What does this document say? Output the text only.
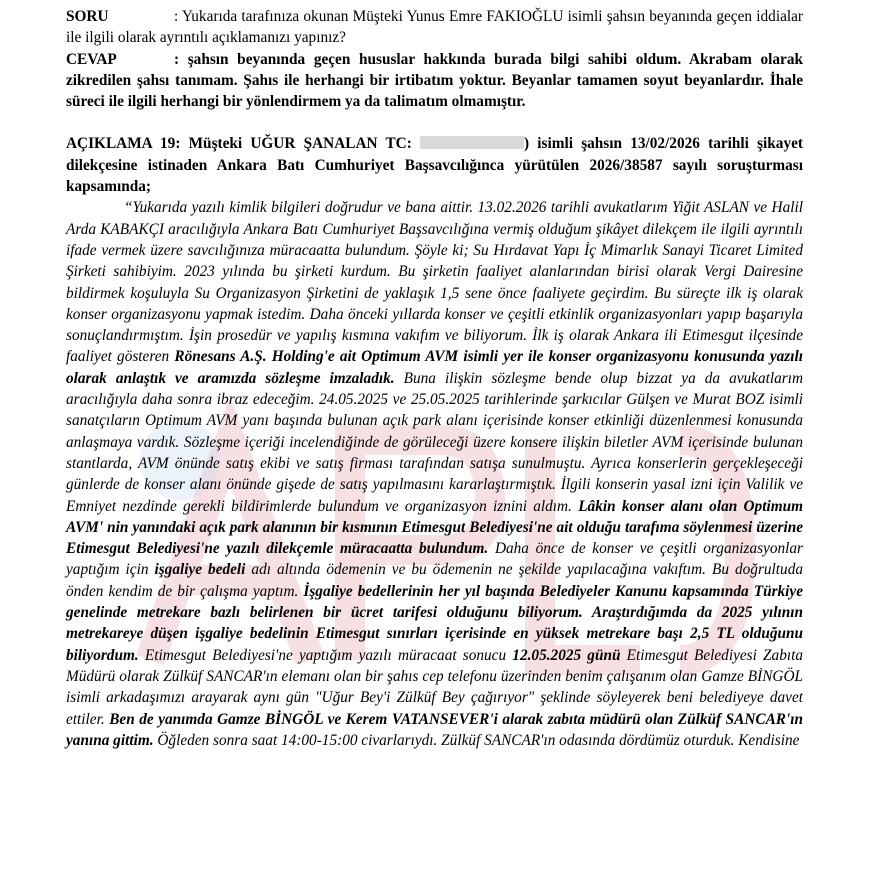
SORU	: Yukarıda tarafınıza okunan Müşteki Yunus Emre FAKIOĞLU isimli şahsın beyanında geçen iddialar ile ilgili olarak ayrıntılı açıklamanızı yapınız?

CEVAP	: şahsın beyanında geçen hususlar hakkında burada bilgi sahibi oldum. Akrabam olarak zikredilen şahsı tanımam. Şahıs ile herhangi bir irtibatım yoktur. Beyanlar tamamen soyut beyanlardır. İhale süreci ile ilgili herhangi bir yönlendirmem ya da talimatım olmamıştır.

AÇIKLAMA 19: Müşteki UĞUR ŞANALAN TC:	) isimli şahsın 13/02/2026 tarihli şikayet dilekçesine istinaden Ankara Batı Cumhuriyet Başsavcılığınca yürütülen 2026/38587 sayılı soruşturması kapsamında;

“Yukarıda yazılı kimlik bilgileri doğrudur ve bana aittir. 13.02.2026 tarihli avukatlarım Yiğit ASLAN ve Halil Arda KABAKÇI aracılığıyla Ankara Batı Cumhuriyet Başsavcılığına vermiş olduğum şikâyet dilekçem ile ilgili ayrıntılı ifade vermek üzere savcılığınıza müracaatta bulundum. Şöyle ki; Su Hırdavat Yapı İç Mimarlık Sanayi Ticaret Limited Şirketi sahibiyim. 2023 yılında bu şirketi kurdum. Bu şirketin faaliyet alanlarından birisi olarak Vergi Dairesine bildirmek koşuluyla Su Organizasyon Şirketini de yaklaşık 1,5 sene önce faaliyete geçirdim. Bu süreçte ilk iş olarak konser organizasyonu yapmak istedim. Daha önceki yıllarda konser ve çeşitli etkinlik organizasyonları yapıp başarıyla sonuçlandırmıştım. İşin prosedür ve yapılış kısmına vakıfım ve biliyorum. İlk iş olarak Ankara ili Etimesgut ilçesinde faaliyet gösteren Rönesans A.Ş. Holding'e ait Optimum AVM isimli yer ile konser organizasyonu konusunda yazılı olarak anlaştık ve aramızda sözleşme imzaladık. Buna ilişkin sözleşme bende olup bizzat ya da avukatlarım aracılığıyla daha sonra ibraz edeceğim. 24.05.2025 ve 25.05.2025 tarihlerinde şarkıcılar Gülşen ve Murat BOZ isimli sanatçıların Optimum AVM yanı başında bulunan açık park alanı içerisinde konser etkinliği düzenlenmesi konusunda anlaşmaya vardık. Sözleşme içeriği incelendiğinde de görüleceği üzere konsere ilişkin biletler AVM içerisinde bulunan stantlarda, AVM önünde satış ekibi ve satış firması tarafından satışa sunulmuştu. Ayrıca konserlerin gerçekleşeceği günlerde de konser alanı önünde gişede de satış yapılmasını kararlaştırmıştık. İlgili konserin yasal izni için Valilik ve Emniyet nezdinde gerekli bildirimlerde bulundum ve organizasyon iznini aldım. Lâkin konser alanı olan Optimum AVM' nin yanındaki açık park alanının bir kısmının Etimesgut Belediyesi'ne ait olduğu tarafıma söylenmesi üzerine Etimesgut Belediyesi'ne yazılı dilekçemle müracaatta bulundum. Daha önce de konser ve çeşitli organizasyonlar yaptığım için işgaliye bedeli adı altında ödemenin ve bu ödemenin ne şekilde yapılacağına vakıftım. Bu doğrultuda önden kendim de bir çalışma yaptım. İşgaliye bedellerinin her yıl başında Belediyeler Kanunu kapsamında Türkiye genelinde metrekare bazlı belirlenen bir ücret tarifesi olduğunu biliyorum. Araştırdığımda da 2025 yılının metrekareye düşen işgaliye bedelinin Etimesgut sınırları içerisinde en yüksek metrekare başı 2,5 TL olduğunu biliyordum. Etimesgut Belediyesi'ne yaptığım yazılı müracaat sonucu 12.05.2025 günü Etimesgut Belediyesi Zabıta Müdürü olarak Zülküf SANCAR'ın elemanı olan bir şahıs cep telefonu üzerinden benim çalışanım olan Gamze BİNGÖL isimli arkadaşımızı arayarak aynı gün "Uğur Bey'i Zülküf Bey çağırıyor" şeklinde söyleyerek beni belediyeye davet ettiler. Ben de yanımda Gamze BİNGÖL ve Kerem VATANSEVER'i alarak zabıta müdürü olan Zülküf SANCAR'ın yanına gittim. Öğleden sonra saat 14:00-15:00 civarlarıydı. Zülküf SANCAR'ın odasında dördümüz oturduk. Kendisine
